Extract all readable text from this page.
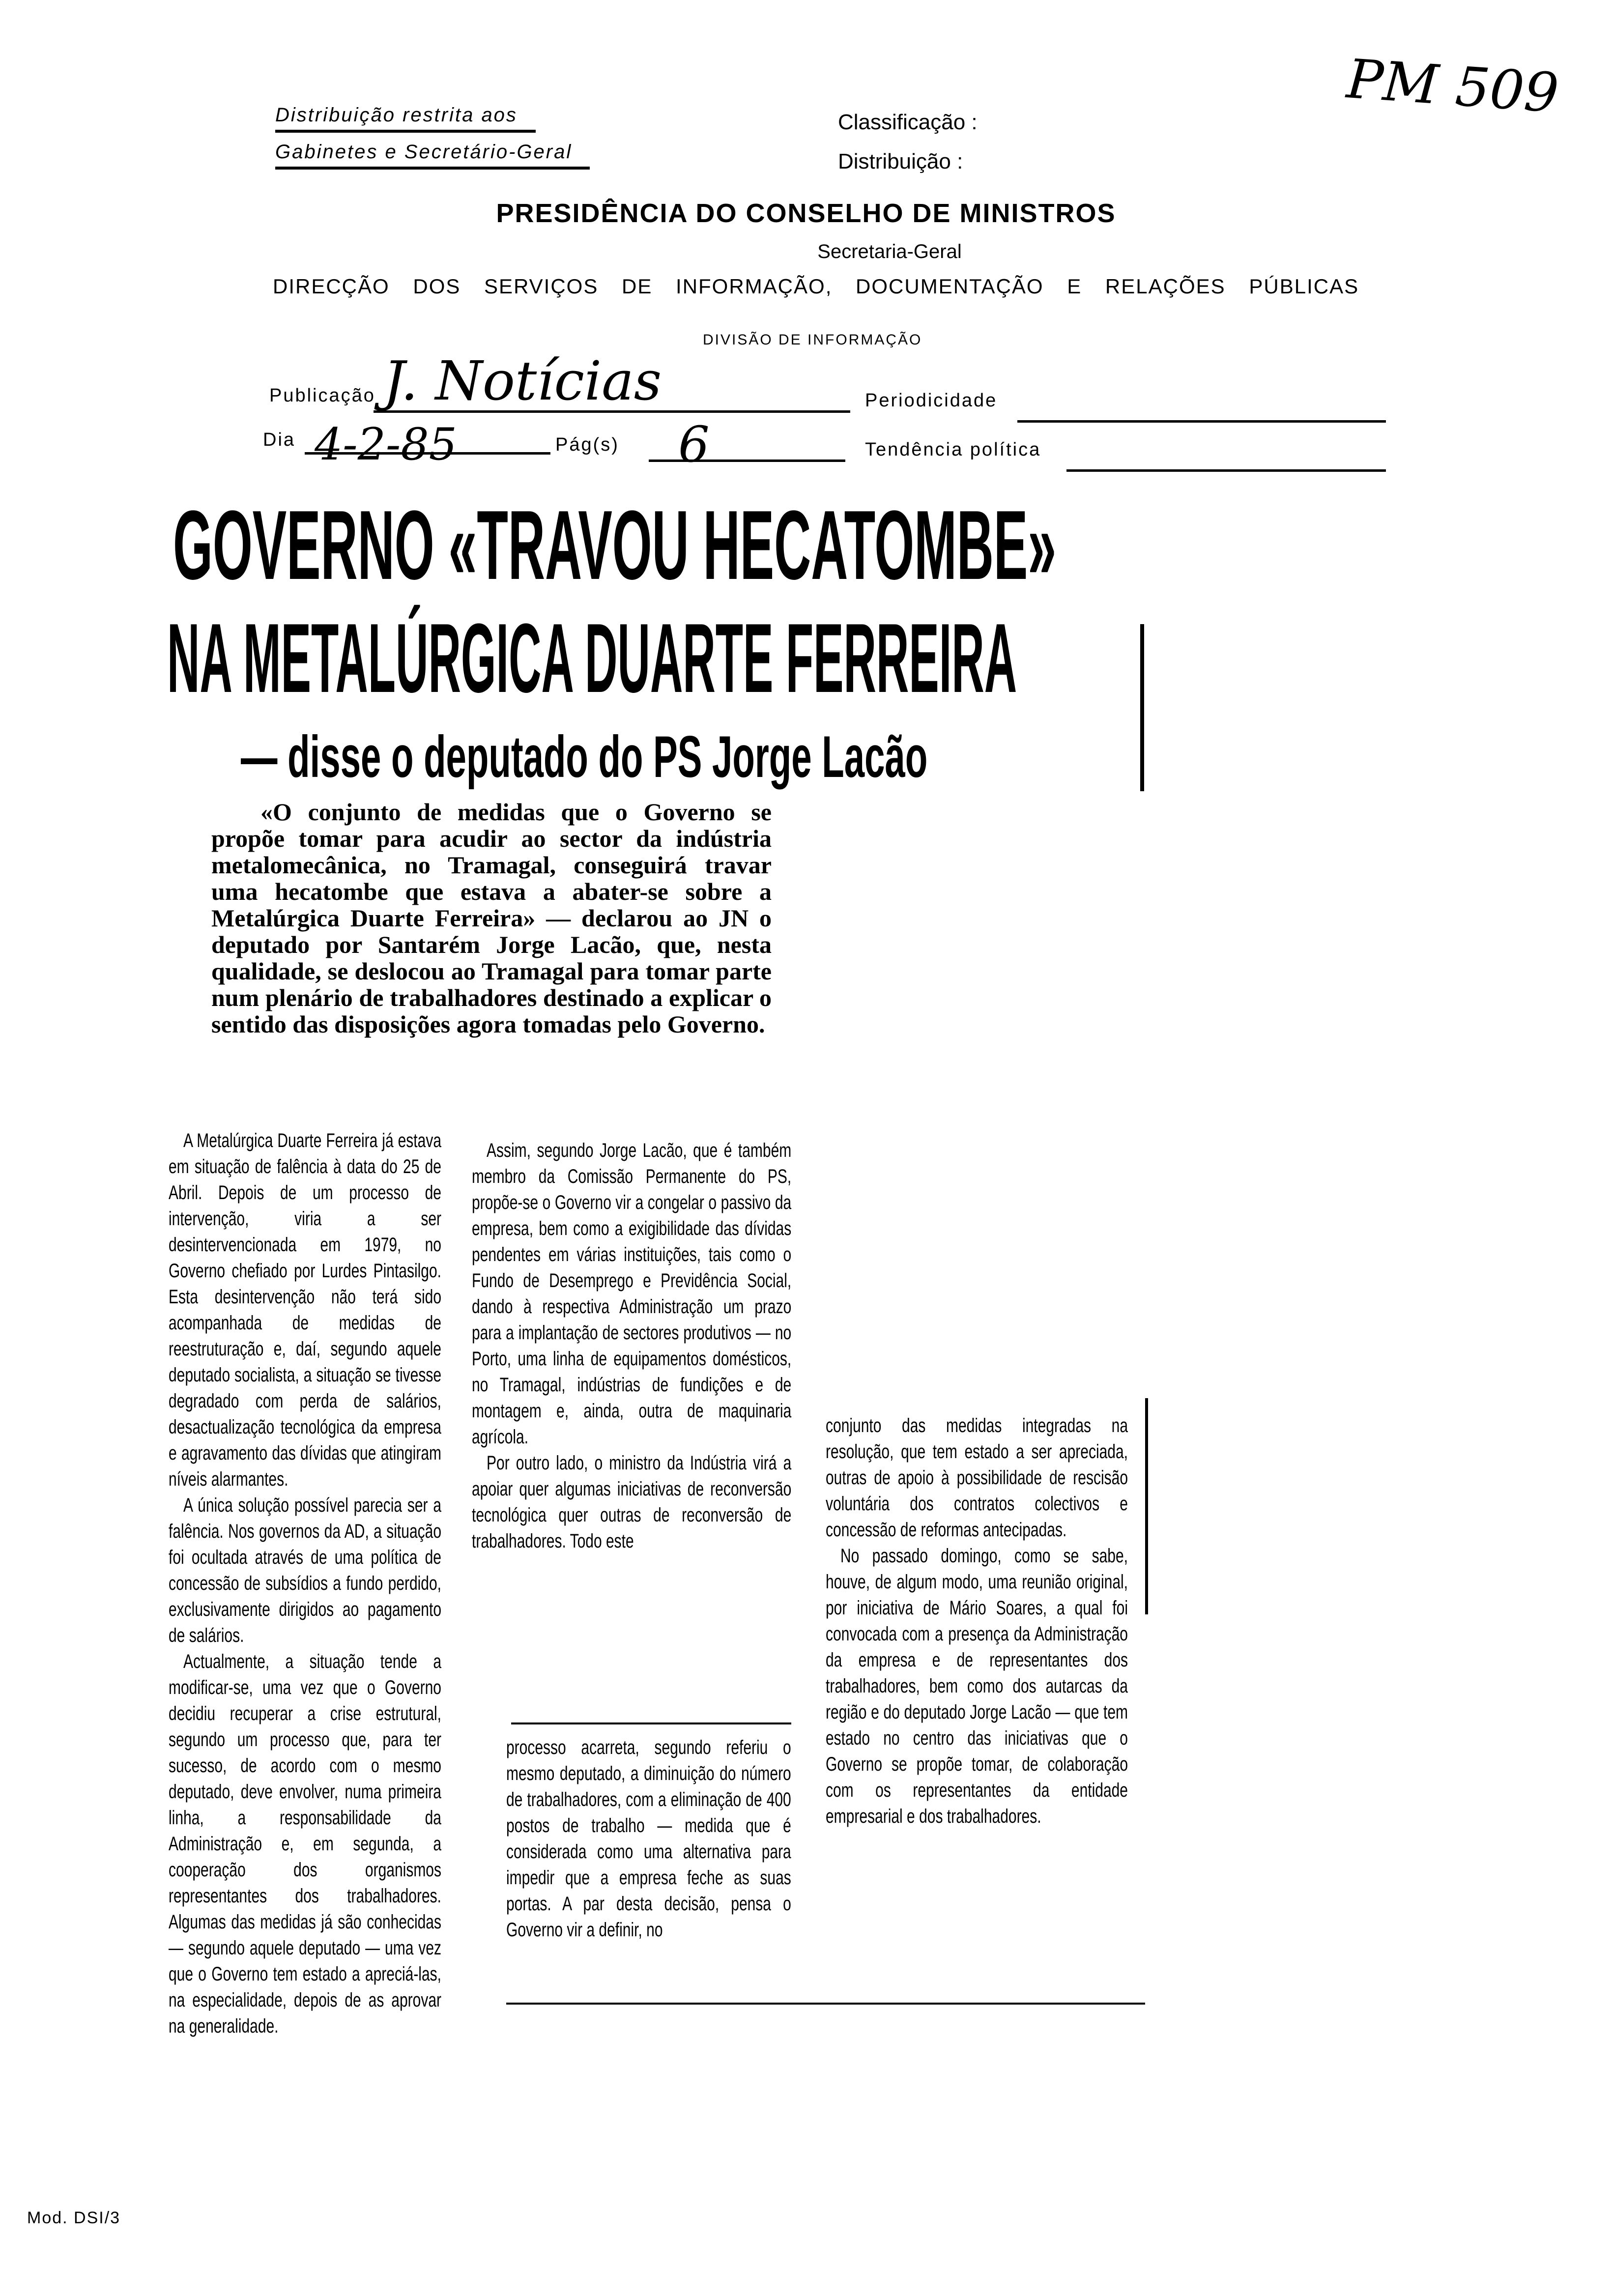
Distribuição restrita aos
Gabinetes e Secretário-Geral
Classificação :
Distribuição :
PM 509
PRESIDÊNCIA DO CONSELHO DE MINISTROS
Secretaria-Geral
DIRECÇÃO DOS SERVIÇOS DE INFORMAÇÃO, DOCUMENTAÇÃO E RELAÇÕES PÚBLICAS
DIVISÃO DE INFORMAÇÃO
Publicação J. Notícias	Periodicidade
Dia 4-2-85	Pág(s) 6	Tendência política
GOVERNO «TRAVOU HECATOMBE»
NA METALÚRGICA DUARTE FERREIRA
— disse o deputado do PS Jorge Lacão
«O conjunto de medidas que o Governo se propõe tomar para acudir ao sector da indústria metalomecânica, no Tramagal, conseguirá travar uma hecatombe que estava a abater-se sobre a Metalúrgica Duarte Ferreira» — declarou ao JN o deputado por Santarém Jorge Lacão, que, nesta qualidade, se deslocou ao Tramagal para tomar parte num plenário de trabalhadores destinado a explicar o sentido das disposições agora tomadas pelo Governo.

A Metalúrgica Duarte Ferreira já estava em situação de falência à data do 25 de Abril. Depois de um processo de intervenção, viria a ser desintervencionada em 1979, no Governo chefiado por Lurdes Pintasilgo. Esta desintervenção não terá sido acompanhada de medidas de reestruturação e, daí, segundo aquele deputado socialista, a situação se tivesse degradado com perda de salários, desactualização tecnológica da empresa e agravamento das dívidas que atingiram níveis alarmantes.

A única solução possível parecia ser a falência. Nos governos da AD, a situação foi ocultada através de uma política de concessão de subsídios a fundo perdido, exclusivamente dirigidos ao pagamento de salários.

Actualmente, a situação tende a modificar-se, uma vez que o Governo decidiu recuperar a crise estrutural, segundo um processo que, para ter sucesso, de acordo com o mesmo deputado, deve envolver, numa primeira linha, a responsabilidade da Administração e, em segunda, a cooperação dos organismos representantes dos trabalhadores. Algumas das medidas já são conhecidas — segundo aquele deputado — uma vez que o Governo tem estado a apreciá-las, na especialidade, depois de as aprovar na generalidade.

Assim, segundo Jorge Lacão, que é também membro da Comissão Permanente do PS, propõe-se o Governo vir a congelar o passivo da empresa, bem como a exigibilidade das dívidas pendentes em várias instituições, tais como o Fundo de Desemprego e Previdência Social, dando à respectiva Administração um prazo para a implantação de sectores produtivos — no Porto, uma linha de equipamentos domésticos, no Tramagal, indústrias de fundições e de montagem e, ainda, outra de maquinaria agrícola.

Por outro lado, o ministro da Indústria virá a apoiar quer algumas iniciativas de reconversão tecnológica quer outras de reconversão de trabalhadores. Todo este

processo acarreta, segundo referiu o mesmo deputado, a diminuição do número de trabalhadores, com a eliminação de 400 postos de trabalho — medida que é considerada como uma alternativa para impedir que a empresa feche as suas portas. A par desta decisão, pensa o Governo vir a definir, no

conjunto das medidas integradas na resolução, que tem estado a ser apreciada, outras de apoio à possibilidade de rescisão voluntária dos contratos colectivos e concessão de reformas antecipadas.

No passado domingo, como se sabe, houve, de algum modo, uma reunião original, por iniciativa de Mário Soares, a qual foi convocada com a presença da Administração da empresa e de representantes dos trabalhadores, bem como dos autarcas da região e do deputado Jorge Lacão — que tem estado no centro das iniciativas que o Governo se propõe tomar, de colaboração com os representantes da entidade empresarial e dos trabalhadores.

Mod. DSI/3
